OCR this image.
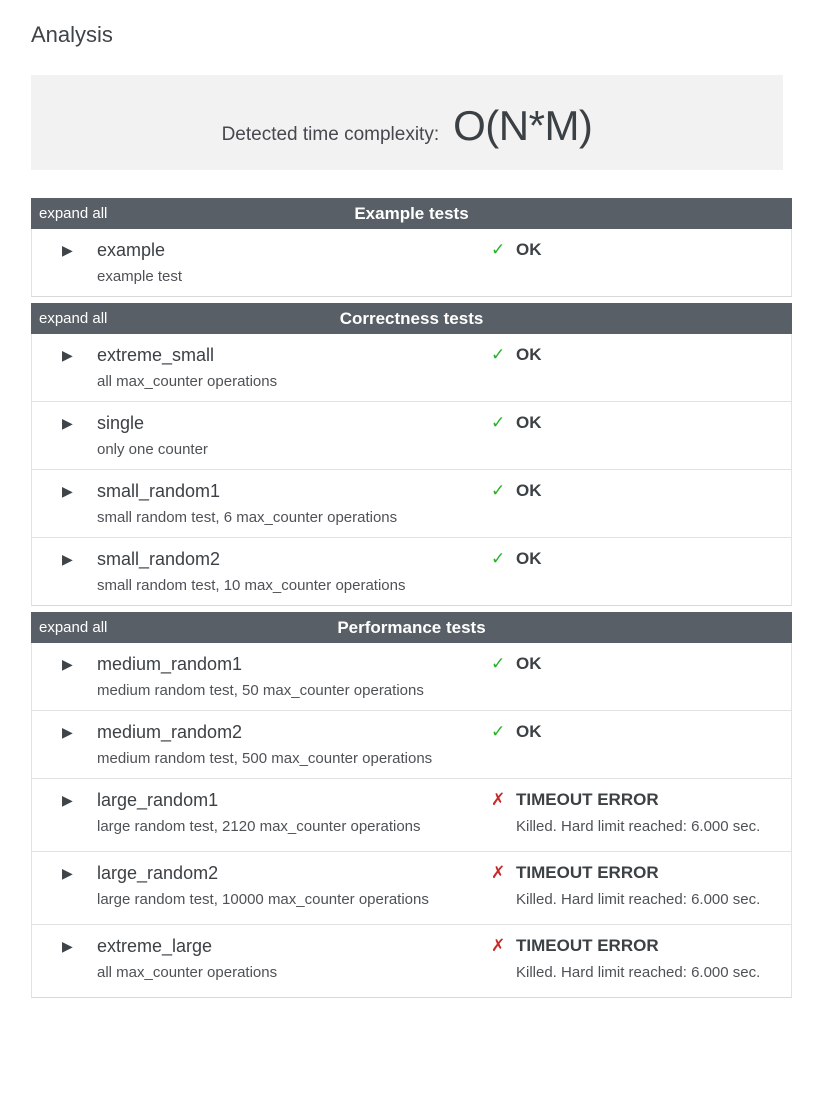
Analysis
Detected time complexity: O(N*M)
expand all	Example tests
▶	example
example test
✓ OK
expand all	Correctness tests
▶	extreme_small
all max_counter operations
✓ OK
▶	single
only one counter
✓ OK
▶	small_random1
small random test, 6 max_counter operations
✓ OK
▶	small_random2
small random test, 10 max_counter operations
✓ OK
expand all	Performance tests
▶	medium_random1
medium random test, 50 max_counter operations
✓ OK
▶	medium_random2
medium random test, 500 max_counter operations
✓ OK
▶	large_random1
large random test, 2120 max_counter operations
✗ TIMEOUT ERROR
Killed. Hard limit reached: 6.000 sec.
▶	large_random2
large random test, 10000 max_counter operations
✗ TIMEOUT ERROR
Killed. Hard limit reached: 6.000 sec.
▶	extreme_large
all max_counter operations
✗ TIMEOUT ERROR
Killed. Hard limit reached: 6.000 sec.
